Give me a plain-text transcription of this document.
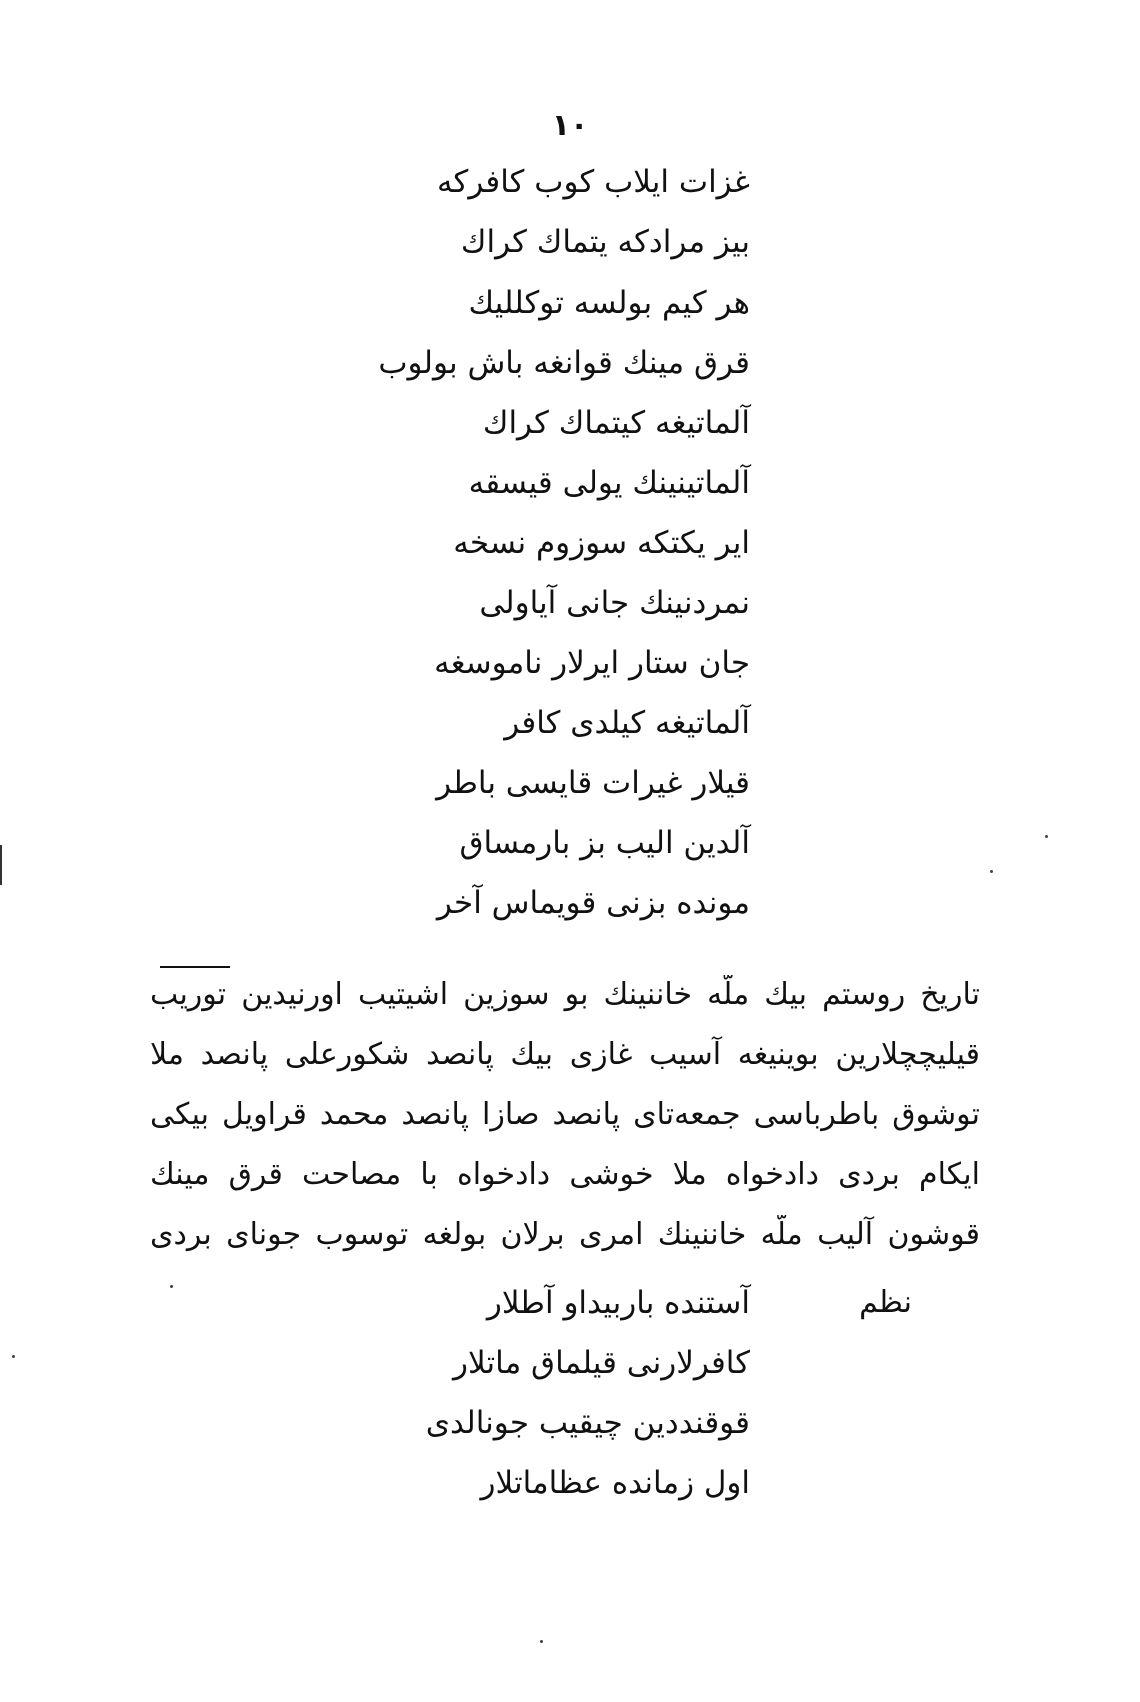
۱۰
غزات ایلاب کوب کافرکه
بیز مرادکه یتماك کراك
هر کیم بولسه توکللیك
قرق مینك قوانغه باش بولوب
آلماتیغه کیتماك کراك
آلماتینینك یولی قیسقه
ایر یکتکه سوزوم نسخه
نمردنینك جانی آیاولی
جان ستار ایرلار ناموسغه
آلماتیغه کیلدی کافر
قیلار غیرات قایسی باطر
آلدین الیب بز بارمساق
مونده بزنی قویماس آخر
تاریخ روستم بیك ملّه خاننینك بو سوزین اشیتیب اورنیدین توریب
قیلیچچلارین بوینیغه آسیب غازی بیك پانصد شکورعلی پانصد ملا
توشوق باطرباسی جمعه‌تای پانصد صازا پانصد محمد قراویل بیکی
ایکام بردی دادخواه ملا خوشی دادخواه با مصاحت قرق مینك
قوشون آلیب ملّه خاننینك امری برلان بولغه توسوب جونای بردی
نظم
آستنده باربیداو آطلار
کافرلارنی قیلماق ماتلار
قوقنددین چیقیب جونالدی
اول زمانده عظاماتلار
